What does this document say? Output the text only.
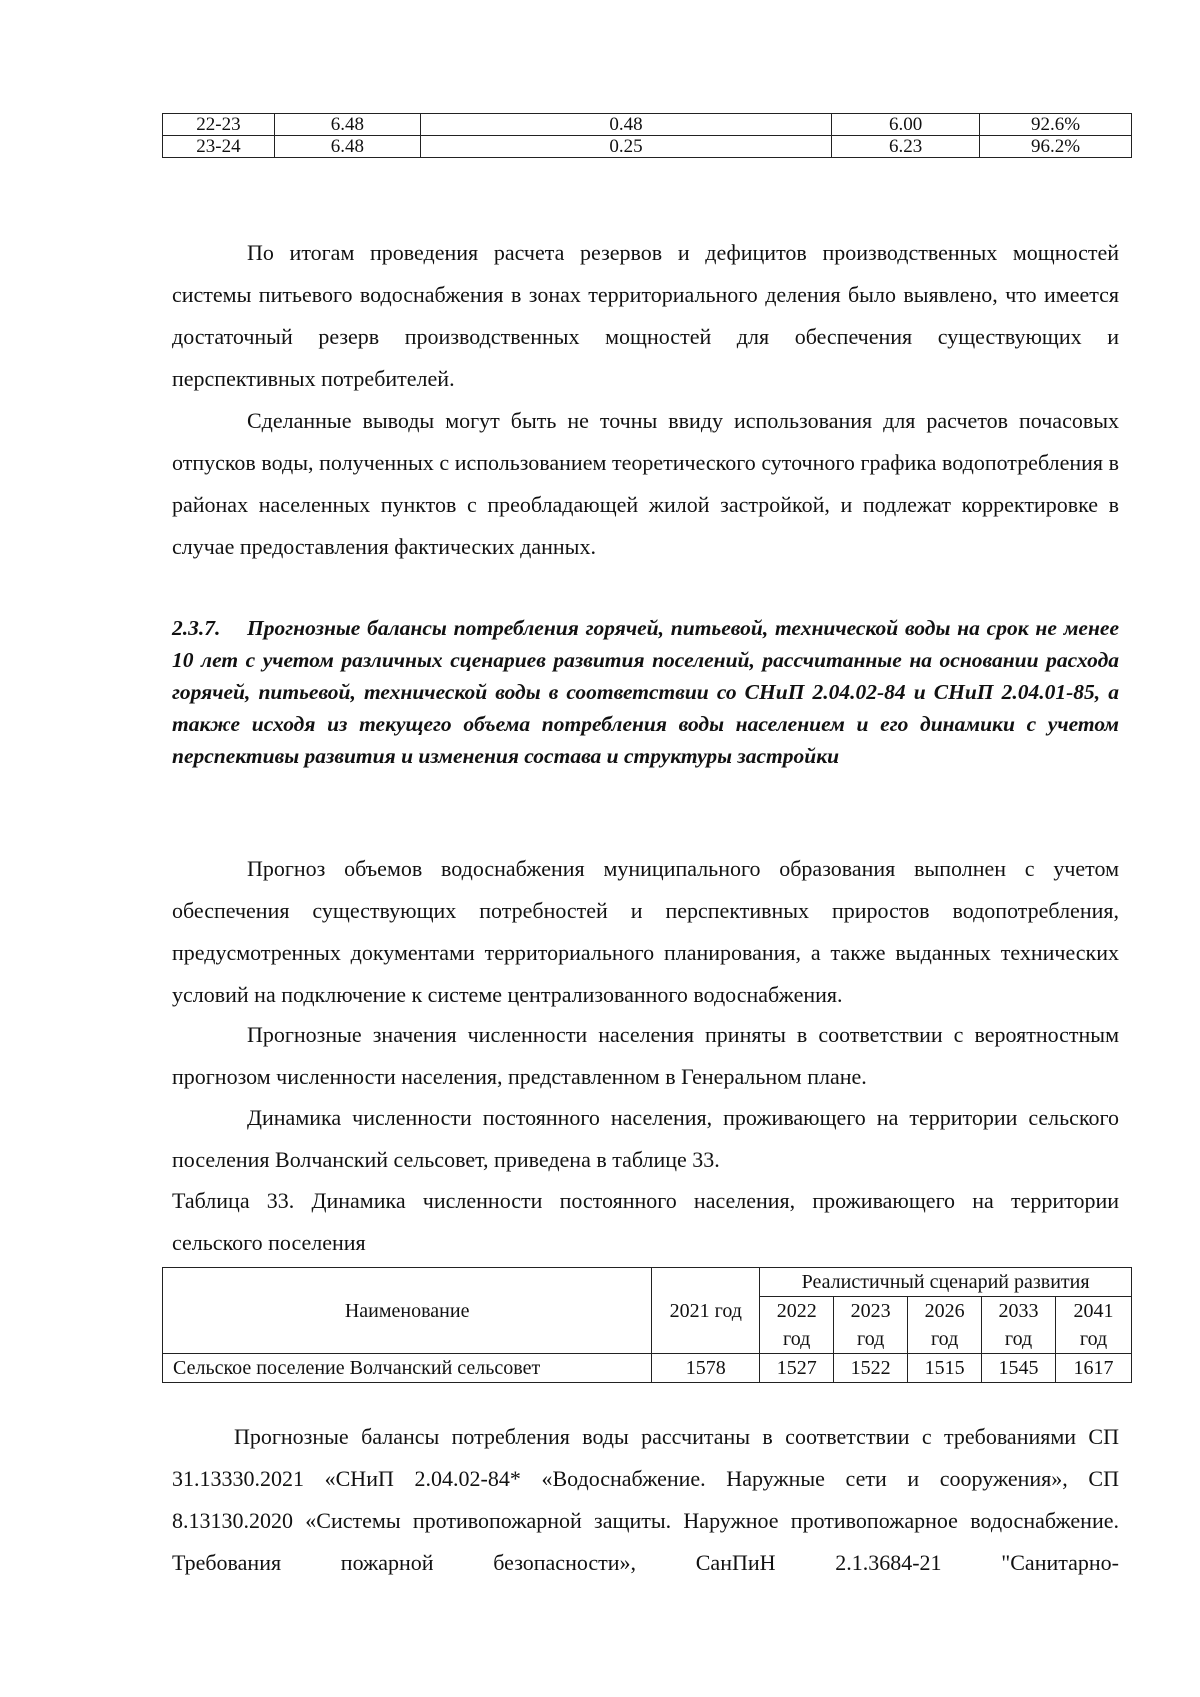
22-23	6.48	0.48	6.00	92.6%
23-24	6.48	0.25	6.23	96.2%
По итогам проведения расчета резервов и дефицитов производственных мощностей системы питьевого водоснабжения в зонах территориального деления было выявлено, что имеется достаточный резерв производственных мощностей для обеспечения существующих и перспективных потребителей.
Сделанные выводы могут быть не точны ввиду использования для расчетов почасовых отпусков воды, полученных с использованием теоретического суточного графика водопотребления в районах населенных пунктов с преобладающей жилой застройкой, и подлежат корректировке в случае предоставления фактических данных.
2.3.7. Прогнозные балансы потребления горячей, питьевой, технической воды на срок не менее 10 лет с учетом различных сценариев развития поселений, рассчитанные на основании расхода горячей, питьевой, технической воды в соответствии со СНиП 2.04.02-84 и СНиП 2.04.01-85, а также исходя из текущего объема потребления воды населением и его динамики с учетом перспективы развития и изменения состава и структуры застройки
Прогноз объемов водоснабжения муниципального образования выполнен с учетом обеспечения существующих потребностей и перспективных приростов водопотребления, предусмотренных документами территориального планирования, а также выданных технических условий на подключение к системе централизованного водоснабжения.
Прогнозные значения численности населения приняты в соответствии с вероятностным прогнозом численности населения, представленном в Генеральном плане.
Динамика численности постоянного населения, проживающего на территории сельского поселения Волчанский сельсовет, приведена в таблице 33.
Таблица 33. Динамика численности постоянного населения, проживающего на территории сельского поселения
Наименование	2021 год	Реалистичный сценарий развития				
		2022	2023	2026	2033	2041
		год	год	год	год	год
Сельское поселение Волчанский сельсовет	1578	1527	1522	1515	1545	1617
Прогнозные балансы потребления воды рассчитаны в соответствии с требованиями СП 31.13330.2021 «СНиП 2.04.02-84* «Водоснабжение. Наружные сети и сооружения», СП 8.13130.2020 «Системы противопожарной защиты. Наружное противопожарное водоснабжение. Требования пожарной безопасности», СанПиН 2.1.3684-21 "Санитарно-
